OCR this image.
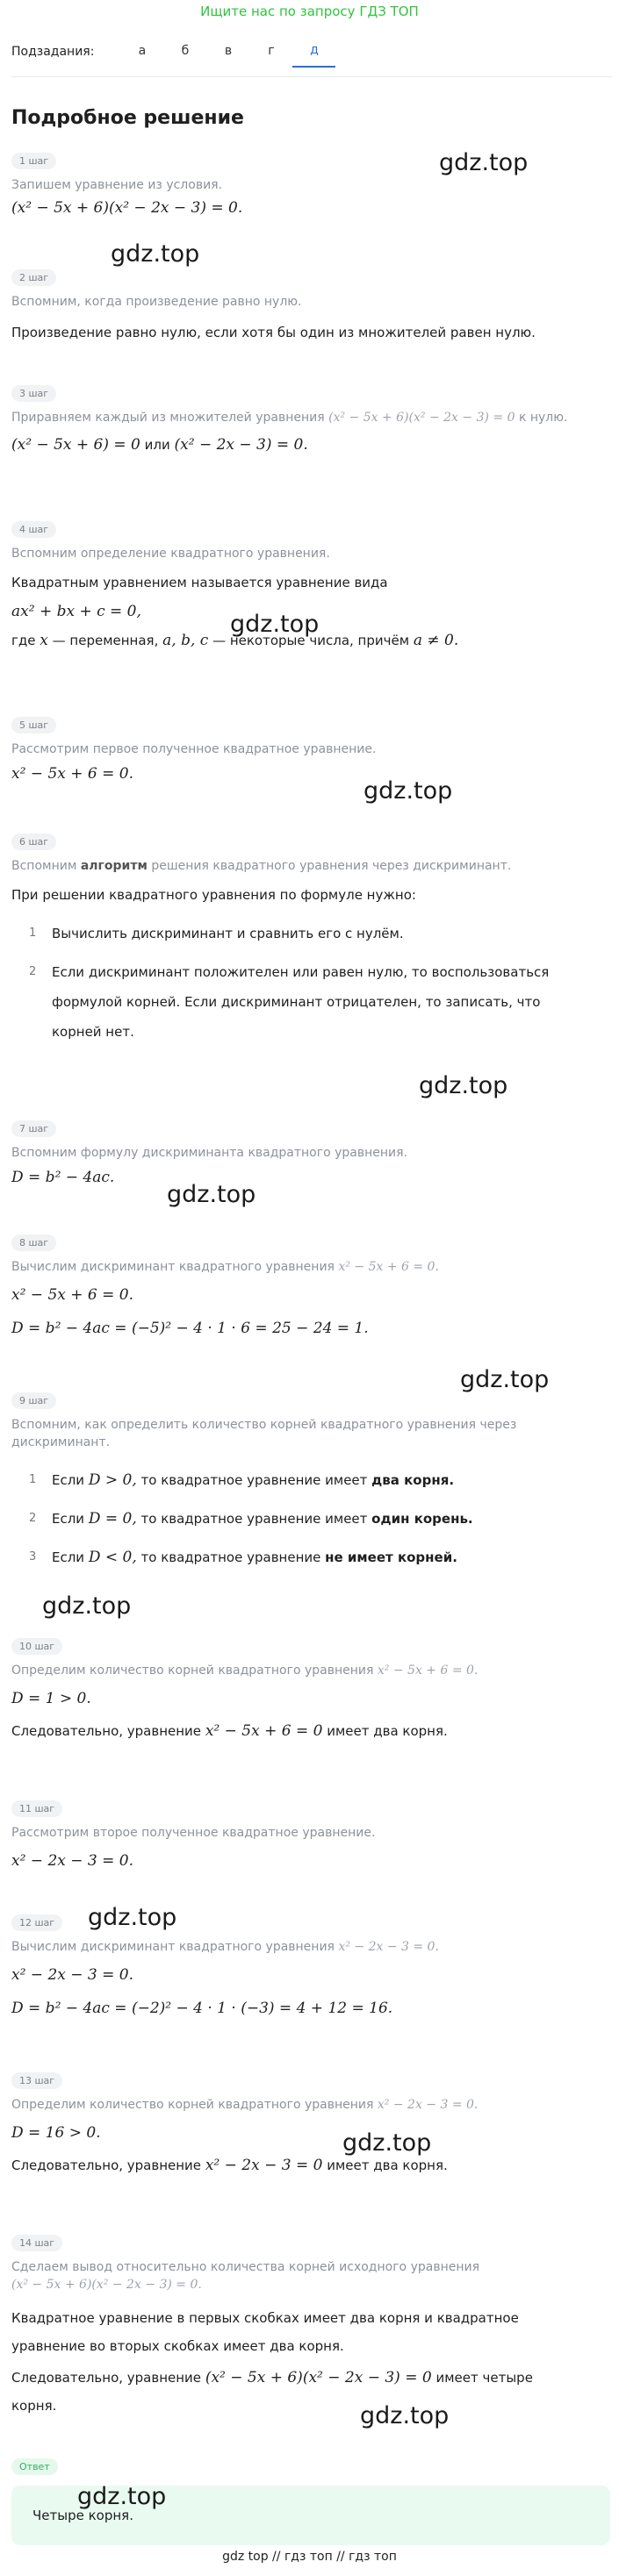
Ищите нас по запросу ГДЗ ТОП
Подзадания:	а	б	в	г	д
Подробное решение
1 шаг
Запишем уравнение из условия.
(x² − 5x + 6)(x² − 2x − 3) = 0.
2 шаг
Вспомним, когда произведение равно нулю.
Произведение равно нулю, если хотя бы один из множителей равен нулю.
3 шаг
Приравняем каждый из множителей уравнения (x² − 5x + 6)(x² − 2x − 3) = 0 к нулю.
(x² − 5x + 6) = 0 или (x² − 2x − 3) = 0.
4 шаг
Вспомним определение квадратного уравнения.
Квадратным уравнением называется уравнение вида
ax² + bx + c = 0,
где x — переменная, a, b, c — некоторые числа, причём a ≠ 0.
5 шаг
Рассмотрим первое полученное квадратное уравнение.
x² − 5x + 6 = 0.
6 шаг
Вспомним алгоритм решения квадратного уравнения через дискриминант.
При решении квадратного уравнения по формуле нужно:
1	Вычислить дискриминант и сравнить его с нулём.
2	Если дискриминант положителен или равен нулю, то воспользоваться
формулой корней. Если дискриминант отрицателен, то записать, что
корней нет.
7 шаг
Вспомним формулу дискриминанта квадратного уравнения.
D = b² − 4ac.
8 шаг
Вычислим дискриминант квадратного уравнения x² − 5x + 6 = 0.
x² − 5x + 6 = 0.
D = b² − 4ac = (−5)² − 4 · 1 · 6 = 25 − 24 = 1.
9 шаг
Вспомним, как определить количество корней квадратного уравнения через
дискриминант.
1	Если D > 0, то квадратное уравнение имеет два корня.
2	Если D = 0, то квадратное уравнение имеет один корень.
3	Если D < 0, то квадратное уравнение не имеет корней.
10 шаг
Определим количество корней квадратного уравнения x² − 5x + 6 = 0.
D = 1 > 0.
Следовательно, уравнение x² − 5x + 6 = 0 имеет два корня.
11 шаг
Рассмотрим второе полученное квадратное уравнение.
x² − 2x − 3 = 0.
12 шаг
Вычислим дискриминант квадратного уравнения x² − 2x − 3 = 0.
x² − 2x − 3 = 0.
D = b² − 4ac = (−2)² − 4 · 1 · (−3) = 4 + 12 = 16.
13 шаг
Определим количество корней квадратного уравнения x² − 2x − 3 = 0.
D = 16 > 0.
Следовательно, уравнение x² − 2x − 3 = 0 имеет два корня.
14 шаг
Сделаем вывод относительно количества корней исходного уравнения
(x² − 5x + 6)(x² − 2x − 3) = 0.
Квадратное уравнение в первых скобках имеет два корня и квадратное
уравнение во вторых скобках имеет два корня.
Следовательно, уравнение (x² − 5x + 6)(x² − 2x − 3) = 0 имеет четыре
корня.
Ответ
Четыре корня.
gdz top // гдз топ // гдз топ
gdz.top
gdz.top
gdz.top
gdz.top
gdz.top
gdz.top
gdz.top
gdz.top
gdz.top
gdz.top
gdz.top
gdz.top
